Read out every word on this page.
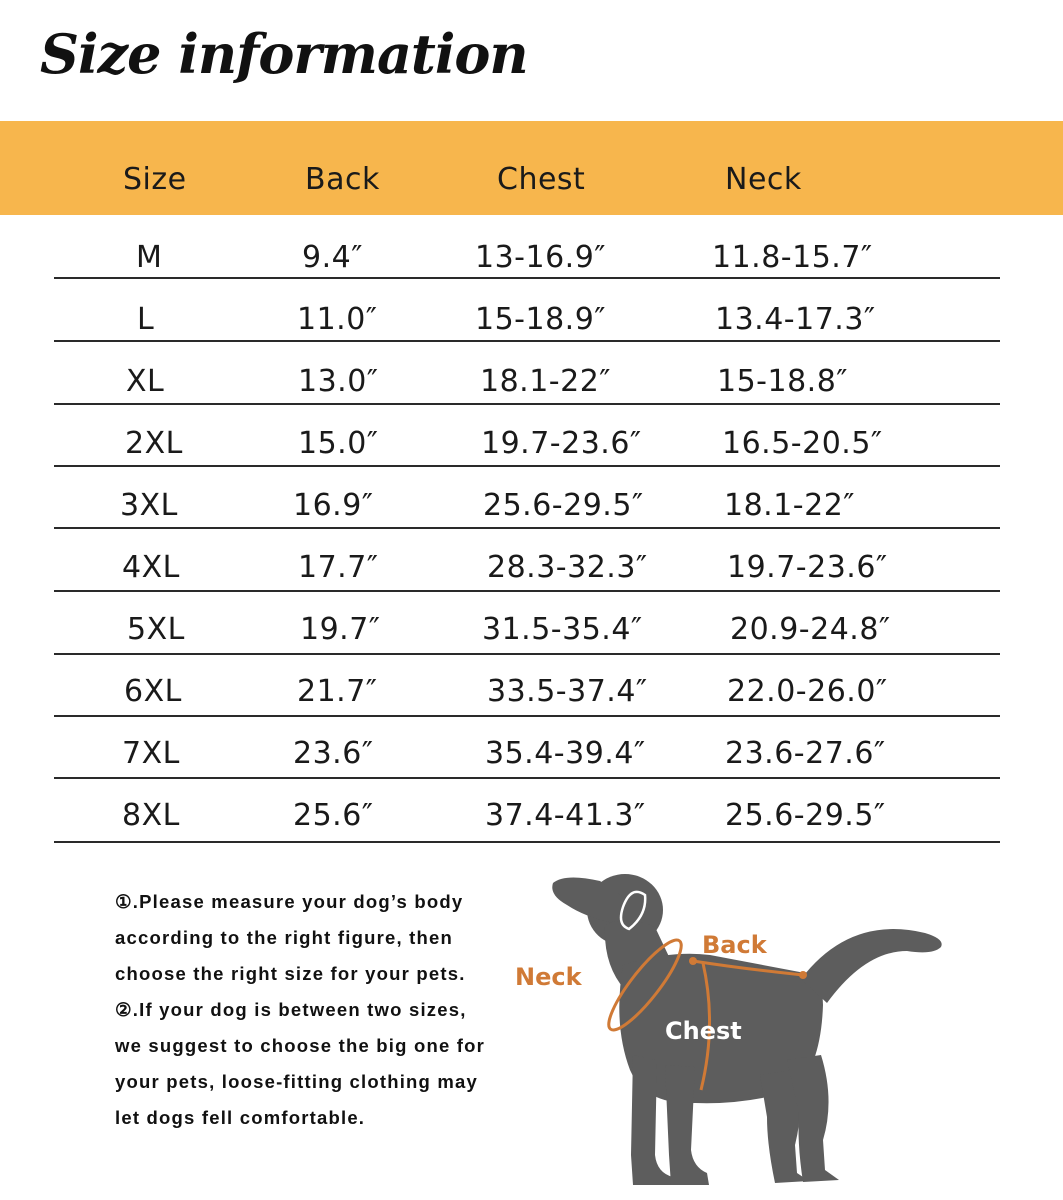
Size information
Size	Back	Chest	Neck
M	9.4″	13-16.9″	11.8-15.7″
L	11.0″	15-18.9″	13.4-17.3″
XL	13.0″	18.1-22″	15-18.8″
2XL	15.0″	19.7-23.6″	16.5-20.5″
3XL	16.9″	25.6-29.5″	18.1-22″
4XL	17.7″	28.3-32.3″	19.7-23.6″
5XL	19.7″	31.5-35.4″	20.9-24.8″
6XL	21.7″	33.5-37.4″	22.0-26.0″
7XL	23.6″	35.4-39.4″	23.6-27.6″
8XL	25.6″	37.4-41.3″	25.6-29.5″

①.Please measure your dog’s body

according to the right figure, then

choose the right size for your pets.

②.If your dog is between two sizes,

we suggest to choose the big one for

your pets, loose-fitting clothing may

let dogs fell comfortable.

Neck
Back
Chest
